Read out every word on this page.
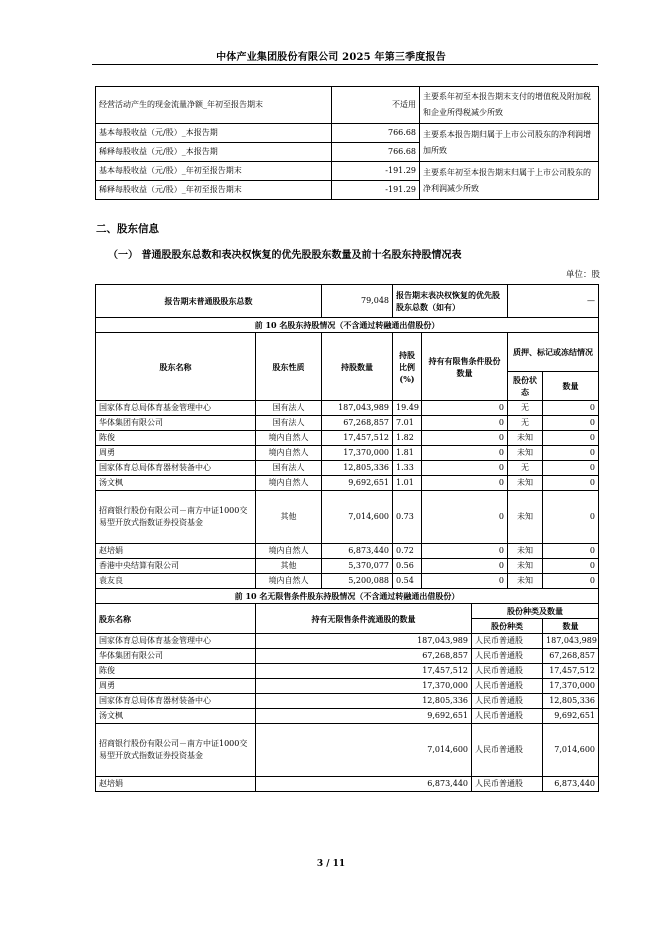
中体产业集团股份有限公司 2025 年第三季度报告
经营活动产生的现金流量净额_年初至报告期末	不适用	主要系年初至本报告期末支付的增值税及附加税和企业所得税减少所致
基本每股收益（元/股）_本报告期	766.68	主要系本报告期归属于上市公司股东的净利润增加所致
稀释每股收益（元/股）_本报告期	766.68	
基本每股收益（元/股）_年初至报告期末	-191.29	主要系年初至本报告期末归属于上市公司股东的净利润减少所致
稀释每股收益（元/股）_年初至报告期末	-191.29	
二、股东信息
（一） 普通股股东总数和表决权恢复的优先股股东数量及前十名股东持股情况表
单位：股
报告期末普通股股东总数		79,048	报告期末表决权恢复的优先股股东总数（如有）			—	
前 10 名股东持股情况（不含通过转融通出借股份）							
股东名称	股东性质	持股数量	持股比例(%)	持有有限售条件股份数量		质押、标记或冻结情况	
						股份状态	数量
国家体育总局体育基金管理中心	国有法人	187,043,989	19.49	0		无	0
华体集团有限公司	国有法人	67,268,857	7.01	0		无	0
陈俊	境内自然人	17,457,512	1.82	0		未知	0
周勇	境内自然人	17,370,000	1.81	0		未知	0
国家体育总局体育器材装备中心	国有法人	12,805,336	1.33	0		无	0
汤文枫	境内自然人	9,692,651	1.01	0		未知	0
招商银行股份有限公司－南方中证1000交易型开放式指数证券投资基金	其他	7,014,600	0.73	0		未知	0
赵培娟	境内自然人	6,873,440	0.72	0		未知	0
香港中央结算有限公司	其他	5,370,077	0.56	0		未知	0
袁友良	境内自然人	5,200,088	0.54	0		未知	0
前 10 名无限售条件股东持股情况（不含通过转融通出借股份）							
股东名称	持有无限售条件流通股的数量				股份种类及数量		
					股份种类		数量
国家体育总局体育基金管理中心	187,043,989				人民币普通股		187,043,989
华体集团有限公司	67,268,857				人民币普通股		67,268,857
陈俊	17,457,512				人民币普通股		17,457,512
周勇	17,370,000				人民币普通股		17,370,000
国家体育总局体育器材装备中心	12,805,336				人民币普通股		12,805,336
汤文枫	9,692,651				人民币普通股		9,692,651
招商银行股份有限公司－南方中证1000交易型开放式指数证券投资基金	7,014,600				人民币普通股		7,014,600
赵培娟	6,873,440				人民币普通股		6,873,440
3 / 11
